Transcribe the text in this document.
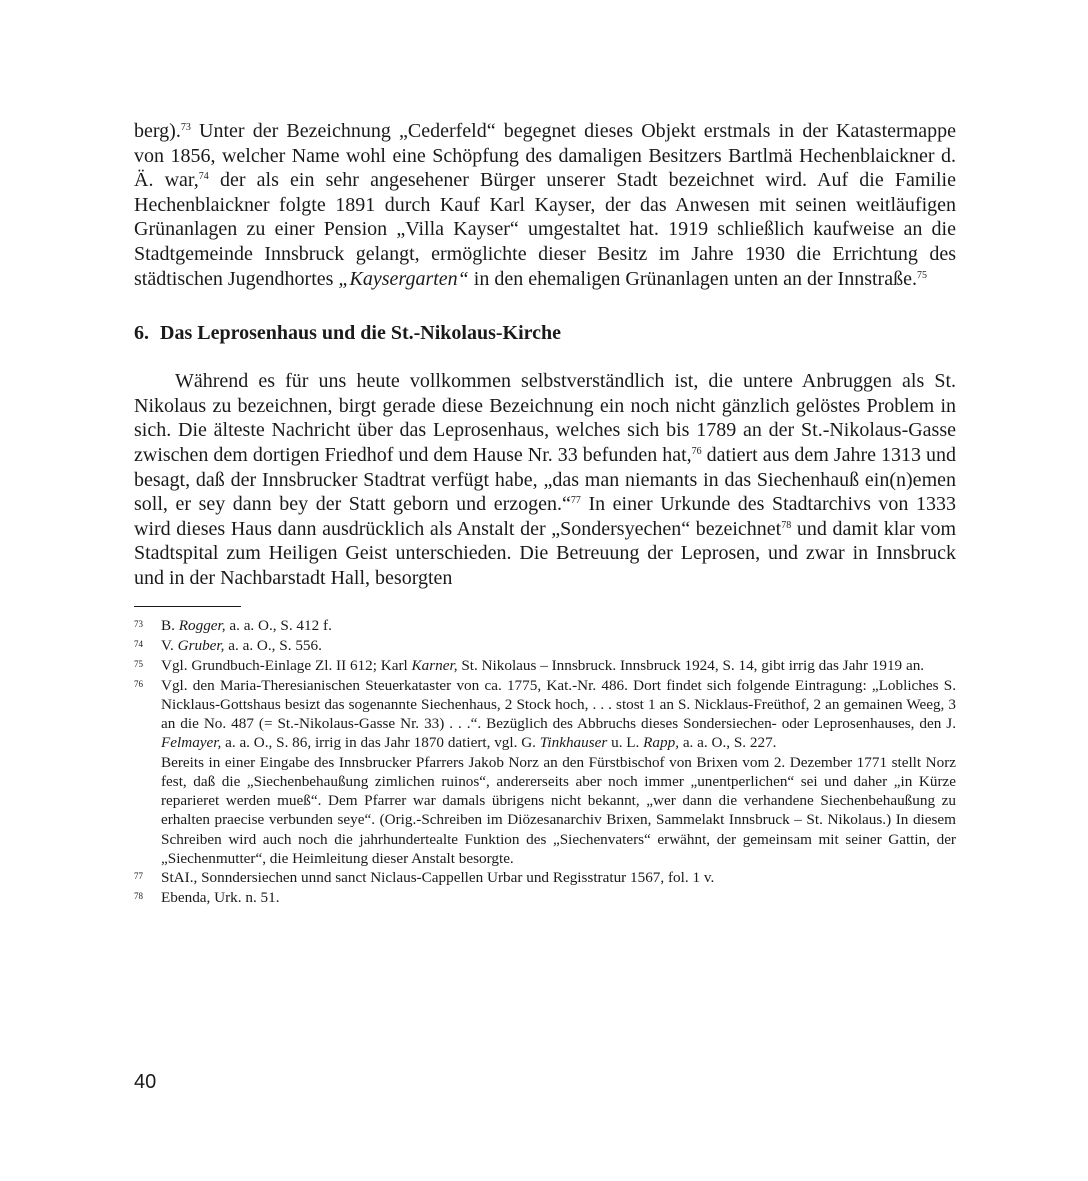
berg).$^{73}$ Unter der Bezeichnung „Cederfeld“ begegnet dieses Objekt erstmals in der Katastermappe von 1856, welcher Name wohl eine Schöpfung des damaligen Besitzers Bartlmä Hechenblaickner d. Ä. war,$^{74}$ der als ein sehr angesehener Bürger unserer Stadt bezeichnet wird. Auf die Familie Hechenblaickner folgte 1891 durch Kauf Karl Kayser, der das Anwesen mit seinen weitläufigen Grünanlagen zu einer Pension „Villa Kayser“ umgestaltet hat. 1919 schließlich kaufweise an die Stadtgemeinde Innsbruck gelangt, ermöglichte dieser Besitz im Jahre 1930 die Errichtung des städtischen Jugendhortes „Kaysergarten“ in den ehemaligen Grünanlagen unten an der Innstraße.$^{75}$

6. Das Leprosenhaus und die St.-Nikolaus-Kirche

Während es für uns heute vollkommen selbstverständlich ist, die untere Anbruggen als St. Nikolaus zu bezeichnen, birgt gerade diese Bezeichnung ein noch nicht gänzlich gelöstes Problem in sich. Die älteste Nachricht über das Leprosenhaus, welches sich bis 1789 an der St.-Nikolaus-Gasse zwischen dem dortigen Friedhof und dem Hause Nr. 33 befunden hat,$^{76}$ datiert aus dem Jahre 1313 und besagt, daß der Innsbrucker Stadtrat verfügt habe, „das man niemants in das Siechenhauß ein(n)emen soll, er sey dann bey der Statt geborn und erzogen.“$^{77}$ In einer Urkunde des Stadtarchivs von 1333 wird dieses Haus dann ausdrücklich als Anstalt der „Sondersyechen“ bezeichnet$^{78}$ und damit klar vom Stadtspital zum Heiligen Geist unterschieden. Die Betreuung der Leprosen, und zwar in Innsbruck und in der Nachbarstadt Hall, besorgten

73	B. Rogger, a. a. O., S. 412 f.
74	V. Gruber, a. a. O., S. 556.
75	Vgl. Grundbuch-Einlage Zl. II 612; Karl Karner, St. Nikolaus – Innsbruck. Innsbruck 1924, S. 14, gibt irrig das Jahr 1919 an.
76	Vgl. den Maria-Theresianischen Steuerkataster von ca. 1775, Kat.-Nr. 486. Dort findet sich folgende Eintragung: „Lobliches S. Nicklaus-Gottshaus besizt das sogenannte Siechenhaus, 2 Stock hoch, . . . stost 1 an S. Nicklaus-Freüthof, 2 an gemainen Weeg, 3 an die No. 487 (= St.-Nikolaus-Gasse Nr. 33) . . .“. Bezüglich des Abbruchs dieses Sondersiechen- oder Leprosenhauses, den J. Felmayer, a. a. O., S. 86, irrig in das Jahr 1870 datiert, vgl. G. Tinkhauser u. L. Rapp, a. a. O., S. 227.
Bereits in einer Eingabe des Innsbrucker Pfarrers Jakob Norz an den Fürstbischof von Brixen vom 2. Dezember 1771 stellt Norz fest, daß die „Siechenbehaußung zimlichen ruinos“, andererseits aber noch immer „unentperlichen“ sei und daher „in Kürze reparieret werden mueß“. Dem Pfarrer war damals übrigens nicht bekannt, „wer dann die verhandene Siechenbehaußung zu erhalten praecise verbunden seye“. (Orig.-Schreiben im Diözesanarchiv Brixen, Sammelakt Innsbruck – St. Nikolaus.) In diesem Schreiben wird auch noch die jahrhundertealte Funktion des „Siechenvaters“ erwähnt, der gemeinsam mit seiner Gattin, der „Siechenmutter“, die Heimleitung dieser Anstalt besorgte.
77	StAI., Sonndersiechen unnd sanct Niclaus-Cappellen Urbar und Regisstratur 1567, fol. 1 v.
78	Ebenda, Urk. n. 51.
40
